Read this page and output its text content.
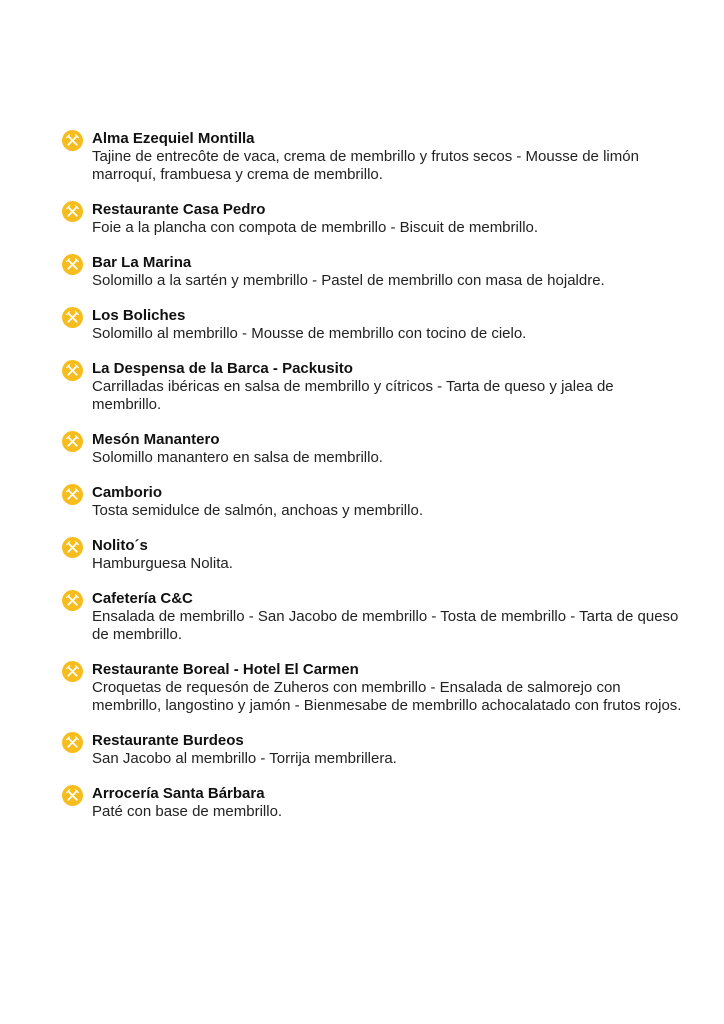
Alma Ezequiel Montilla
Tajine de entrecôte de vaca, crema de membrillo y frutos secos - Mousse de limón marroquí, frambuesa y crema de membrillo.
Restaurante Casa Pedro
Foie a la plancha con compota de membrillo - Biscuit de membrillo.
Bar La Marina
Solomillo a la sartén y membrillo - Pastel de membrillo con masa de hojaldre.
Los Boliches
Solomillo al membrillo - Mousse de membrillo con tocino de cielo.
La Despensa de la Barca - Packusito
Carrilladas ibéricas en salsa de membrillo y cítricos - Tarta de queso y jalea de membrillo.
Mesón Manantero
Solomillo manantero en salsa de membrillo.
Camborio
Tosta semidulce de salmón, anchoas y membrillo.
Nolito´s
Hamburguesa Nolita.
Cafetería C&C
Ensalada de membrillo - San Jacobo de membrillo - Tosta de membrillo - Tarta de queso de membrillo.
Restaurante Boreal - Hotel El Carmen
Croquetas de requesón de Zuheros con membrillo - Ensalada de salmorejo con membrillo, langostino y jamón - Bienmesabe de membrillo achocalatado con frutos rojos.
Restaurante Burdeos
San Jacobo al membrillo - Torrija membrillera.
Arrocería Santa Bárbara
Paté con base de membrillo.
